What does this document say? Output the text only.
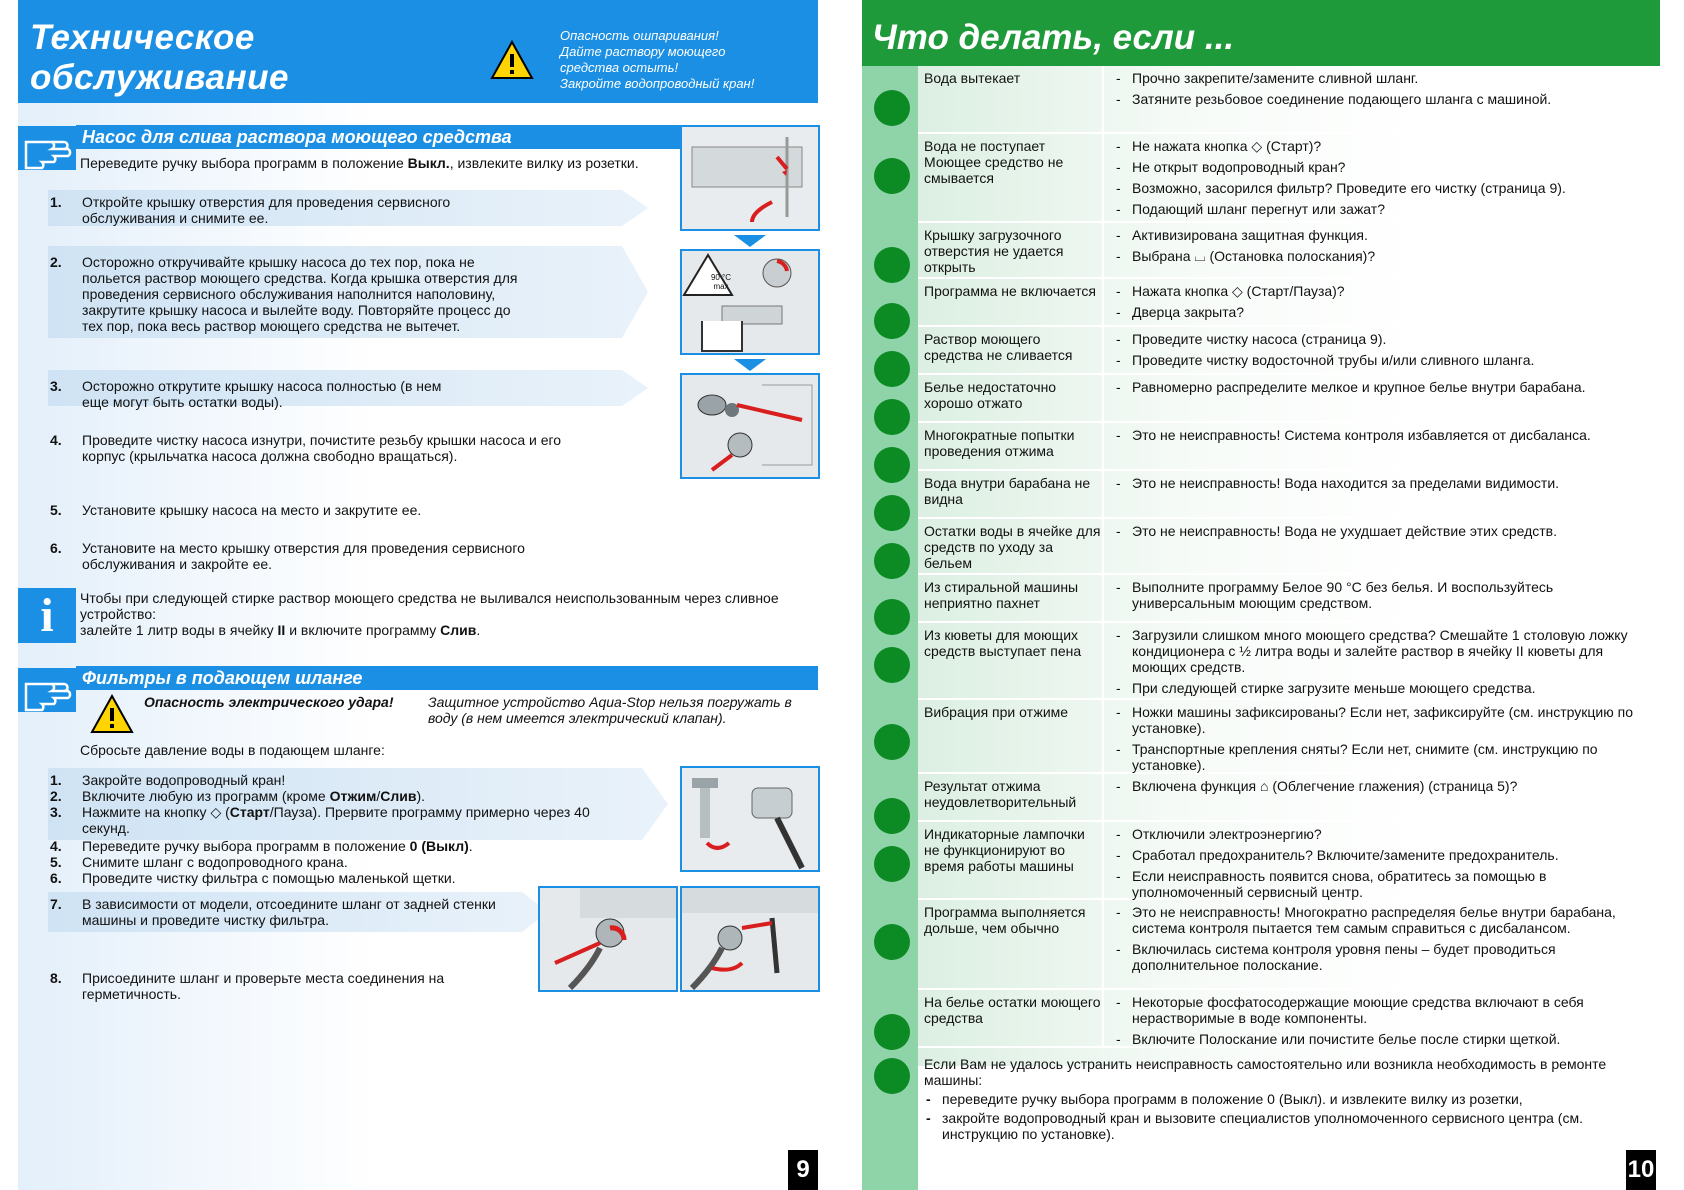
Техническое
обслуживание
Опасность ошпаривания!
Дайте раствору моющего
средства остыть!
Закройте водопроводный кран!
Насос для слива раствора моющего средства
Переведите ручку выбора программ в положение Выкл., извлеките вилку из розетки.
1. Откройте крышку отверстия для проведения сервисного обслуживания и снимите ее.
2. Осторожно откручивайте крышку насоса до тех пор, пока не польется раствор моющего средства. Когда крышка отверстия для проведения сервисного обслуживания наполнится наполовину, закрутите крышку насоса и вылейте воду. Повторяйте процесс до тех пор, пока весь раствор моющего средства не вытечет.
3. Осторожно открутите крышку насоса полностью (в нем еще могут быть остатки воды).
4. Проведите чистку насоса изнутри, почистите резьбу крышки насоса и его корпус (крыльчатка насоса должна свободно вращаться).
5. Установите крышку насоса на место и закрутите ее.
6. Установите на место крышку отверстия для проведения сервисного обслуживания и закройте ее.
90 °C max
i	Чтобы при следующей стирке раствор моющего средства не выливался неиспользованным через сливное устройство:
залейте 1 литр воды в ячейку II и включите программу Слив.
Фильтры в подающем шланге
Опасность электрического удара! Защитное устройство Aqua-Stop нельзя погружать в воду (в нем имеется электрический клапан).
Сбросьте давление воды в подающем шланге:
1. Закройте водопроводный кран!
2. Включите любую из программ (кроме Отжим/Слив).
3. Нажмите на кнопку ◇ (Старт/Пауза). Прервите программу примерно через 40 секунд.
4. Переведите ручку выбора программ в положение 0 (Выкл).
5. Снимите шланг с водопроводного крана.
6. Проведите чистку фильтра с помощью маленькой щетки.
7. В зависимости от модели, отсоедините шланг от задней стенки машины и проведите чистку фильтра.
8. Присоедините шланг и проверьте места соединения на герметичность.
9
Что делать, если ...
Если Вам не удалось устранить неисправность самостоятельно или возникла необходимость в ремонте машины:
- переведите ручку выбора программ в положение 0 (Выкл). и извлеките вилку из розетки,
- закройте водопроводный кран и вызовите специалистов уполномоченного сервисного центра (см. инструкцию по установке).
10
Вода вытекает	- Прочно закрепите/замените сливной шланг.
- Затяните резьбовое соединение подающего шланга с машиной.
Вода не поступает Моющее средство не смывается
- Не нажата кнопка ◇ (Старт)?
- Не открыт водопроводный кран?
- Возможно, засорился фильтр? Проведите его чистку (страница 9).
- Подающий шланг перегнут или зажат?
Крышку загрузочного отверстия не удается открыть
- Активизирована защитная функция.
- Выбрана ⌴ (Остановка полоскания)?
Программа не включается	- Нажата кнопка ◇ (Старт/Пауза)?
- Дверца закрыта?
Раствор моющего средства не сливается
- Проведите чистку насоса (страница 9).
- Проведите чистку водосточной трубы и/или сливного шланга.
Белье недостаточно хорошо отжато
- Равномерно распределите мелкое и крупное белье внутри барабана.
Многократные попытки проведения отжима
- Это не неисправность! Система контроля избавляется от дисбаланса.
Вода внутри барабана не видна
- Это не неисправность! Вода находится за пределами видимости.
Остатки воды в ячейке для средств по уходу за бельем
- Это не неисправность! Вода не ухудшает действие этих средств.
Из стиральной машины неприятно пахнет
- Выполните программу Белое 90 °C без белья. И воспользуйтесь универсальным моющим средством.
Из кюветы для моющих средств выступает пена
- Загрузили слишком много моющего средства? Смешайте 1 столовую ложку кондиционера с ½ литра воды и залейте раствор в ячейку II кюветы для моющих средств.
- При следующей стирке загрузите меньше моющего средства.
Вибрация при отжиме	- Ножки машины зафиксированы? Если нет, зафиксируйте (см. инструкцию по установке).
- Транспортные крепления сняты? Если нет, снимите (см. инструкцию по установке).
Результат отжима неудовлетворительный
- Включена функция ⌂ (Облегчение глажения) (страница 5)?
Индикаторные лампочки не функционируют во время работы машины
- Отключили электроэнергию?
- Сработал предохранитель? Включите/замените предохранитель.
- Если неисправность появится снова, обратитесь за помощью в уполномоченный сервисный центр.
Программа выполняется дольше, чем обычно
- Это не неисправность! Многократно распределяя белье внутри барабана, система контроля пытается тем самым справиться с дисбалансом.
- Включилась система контроля уровня пены – будет проводиться дополнительное полоскание.
На белье остатки моющего средства
- Некоторые фосфатосодержащие моющие средства включают в себя нерастворимые в воде компоненты.
- Включите Полоскание или почистите белье после стирки щеткой.
